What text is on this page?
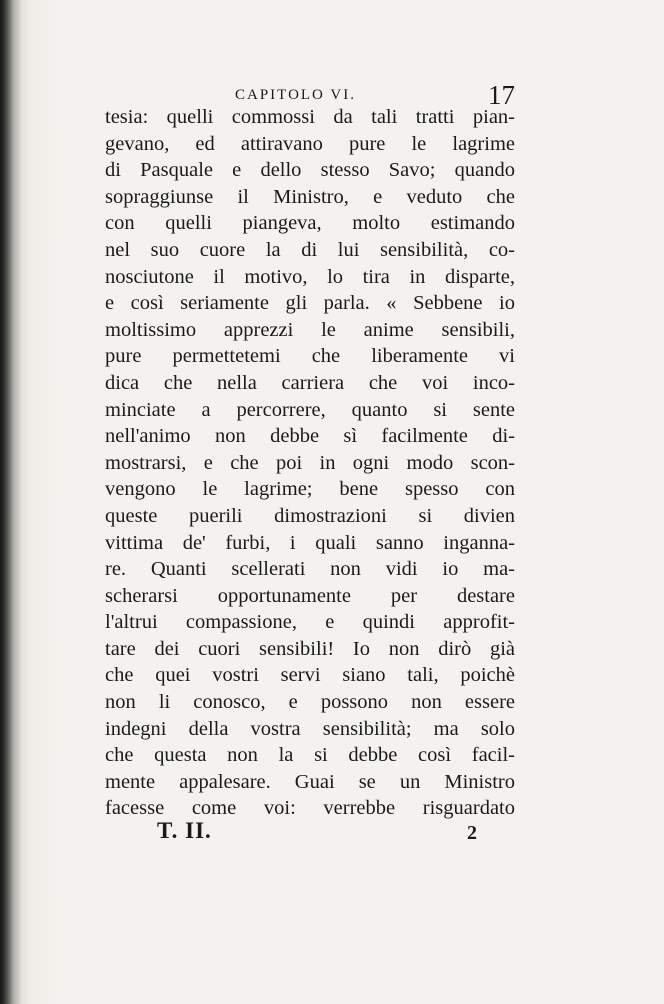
CAPITOLO VI.	17
tesia: quelli commossi da tali tratti pian-
gevano, ed attiravano pure le lagrime
di Pasquale e dello stesso Savo; quando
sopraggiunse il Ministro, e veduto che
con quelli piangeva, molto estimando
nel suo cuore la di lui sensibilità, co-
nosciutone il motivo, lo tira in disparte,
e così seriamente gli parla. « Sebbene io
moltissimo apprezzi le anime sensibili,
pure permettetemi che liberamente vi
dica che nella carriera che voi inco-
minciate a percorrere, quanto si sente
nell'animo non debbe sì facilmente di-
mostrarsi, e che poi in ogni modo scon-
vengono le lagrime; bene spesso con
queste puerili dimostrazioni si divien
vittima de' furbi, i quali sanno inganna-
re. Quanti scellerati non vidi io ma-
scherarsi opportunamente per destare
l'altrui compassione, e quindi approfit-
tare dei cuori sensibili! Io non dirò già
che quei vostri servi siano tali, poichè
non li conosco, e possono non essere
indegni della vostra sensibilità; ma solo
che questa non la si debbe così facil-
mente appalesare. Guai se un Ministro
facesse come voi: verrebbe risguardato
T. II.	2
